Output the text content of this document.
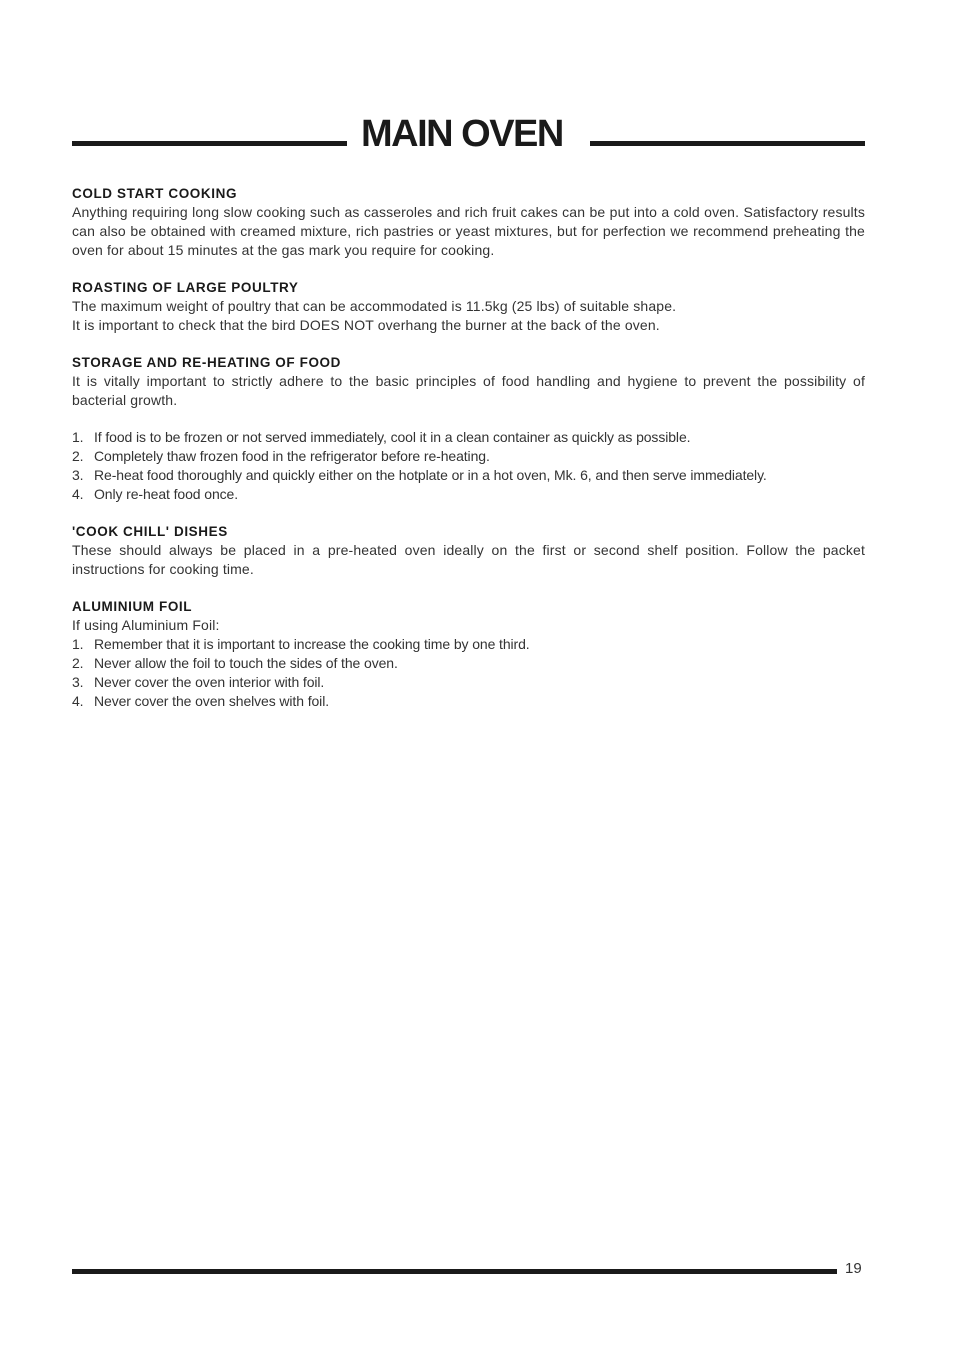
MAIN OVEN
COLD START COOKING

Anything requiring long slow cooking such as casseroles and rich fruit cakes can be put into a cold oven. Satisfactory results can also be obtained with creamed mixture, rich pastries or yeast mixtures, but for perfection we recommend preheating the oven for about 15 minutes at the gas mark you require for cooking.

ROASTING OF LARGE POULTRY

The maximum weight of poultry that can be accommodated is 11.5kg (25 lbs) of suitable shape.

It is important to check that the bird DOES NOT overhang the burner at the back of the oven.

STORAGE AND RE-HEATING OF FOOD

It is vitally important to strictly adhere to the basic principles of food handling and hygiene to prevent the possibility of bacterial growth.

1. If food is to be frozen or not served immediately, cool it in a clean container as quickly as possible.
2. Completely thaw frozen food in the refrigerator before re-heating.
3. Re-heat food thoroughly and quickly either on the hotplate or in a hot oven, Mk. 6, and then serve immediately.
4. Only re-heat food once.
'COOK CHILL' DISHES

These should always be placed in a pre-heated oven ideally on the first or second shelf position. Follow the packet instructions for cooking time.

ALUMINIUM FOIL

If using Aluminium Foil:

1. Remember that it is important to increase the cooking time by one third.
2. Never allow the foil to touch the sides of the oven.
3. Never cover the oven interior with foil.
4. Never cover the oven shelves with foil.
19
